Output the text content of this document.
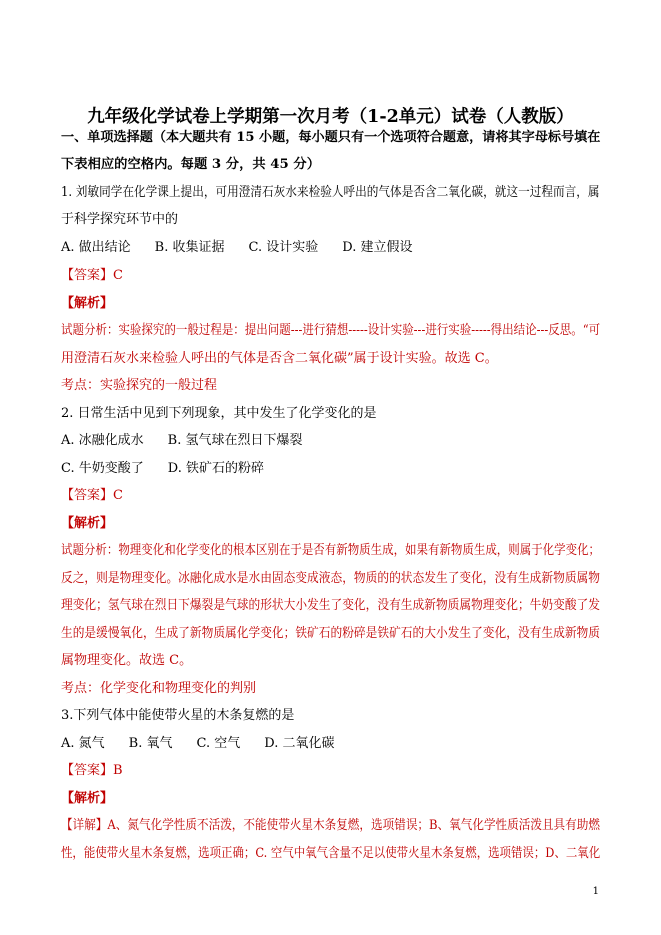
九年级化学试卷上学期第一次月考（1-2单元）试卷（人教版）
一、单项选择题（本大题共有 15 小题，每小题只有一个选项符合题意，请将其字母标号填在
下表相应的空格内。每题 3 分，共 45 分）
1. 刘敏同学在化学课上提出，可用澄清石灰水来检验人呼出的气体是否含二氧化碳，就这一过程而言，属
于科学探究环节中的
A. 做出结论 B. 收集证据 C. 设计实验 D. 建立假设
【答案】C
【解析】
试题分析：实验探究的一般过程是：提出问题---进行猜想-----设计实验---进行实验-----得出结论---反思。“可
用澄清石灰水来检验人呼出的气体是否含二氧化碳”属于设计实验。故选 C。
考点：实验探究的一般过程
2. 日常生活中见到下列现象，其中发生了化学变化的是
A. 冰融化成水 B. 氢气球在烈日下爆裂
C. 牛奶变酸了 D. 铁矿石的粉碎
【答案】C
【解析】
试题分析：物理变化和化学变化的根本区别在于是否有新物质生成，如果有新物质生成，则属于化学变化；
反之，则是物理变化。冰融化成水是水由固态变成液态，物质的的状态发生了变化，没有生成新物质属物
理变化；氢气球在烈日下爆裂是气球的形状大小发生了变化，没有生成新物质属物理变化；牛奶变酸了发
生的是缓慢氧化，生成了新物质属化学变化；铁矿石的粉碎是铁矿石的大小发生了变化，没有生成新物质
属物理变化。故选 C。
考点：化学变化和物理变化的判别
3.下列气体中能使带火星的木条复燃的是
A. 氮气 B. 氧气 C. 空气 D. 二氧化碳
【答案】B
【解析】
【详解】A、氮气化学性质不活泼，不能使带火星木条复燃，选项错误；B、氧气化学性质活泼且具有助燃
性，能使带火星木条复燃，选项正确；C. 空气中氧气含量不足以使带火星木条复燃，选项错误；D、二氧化
1
